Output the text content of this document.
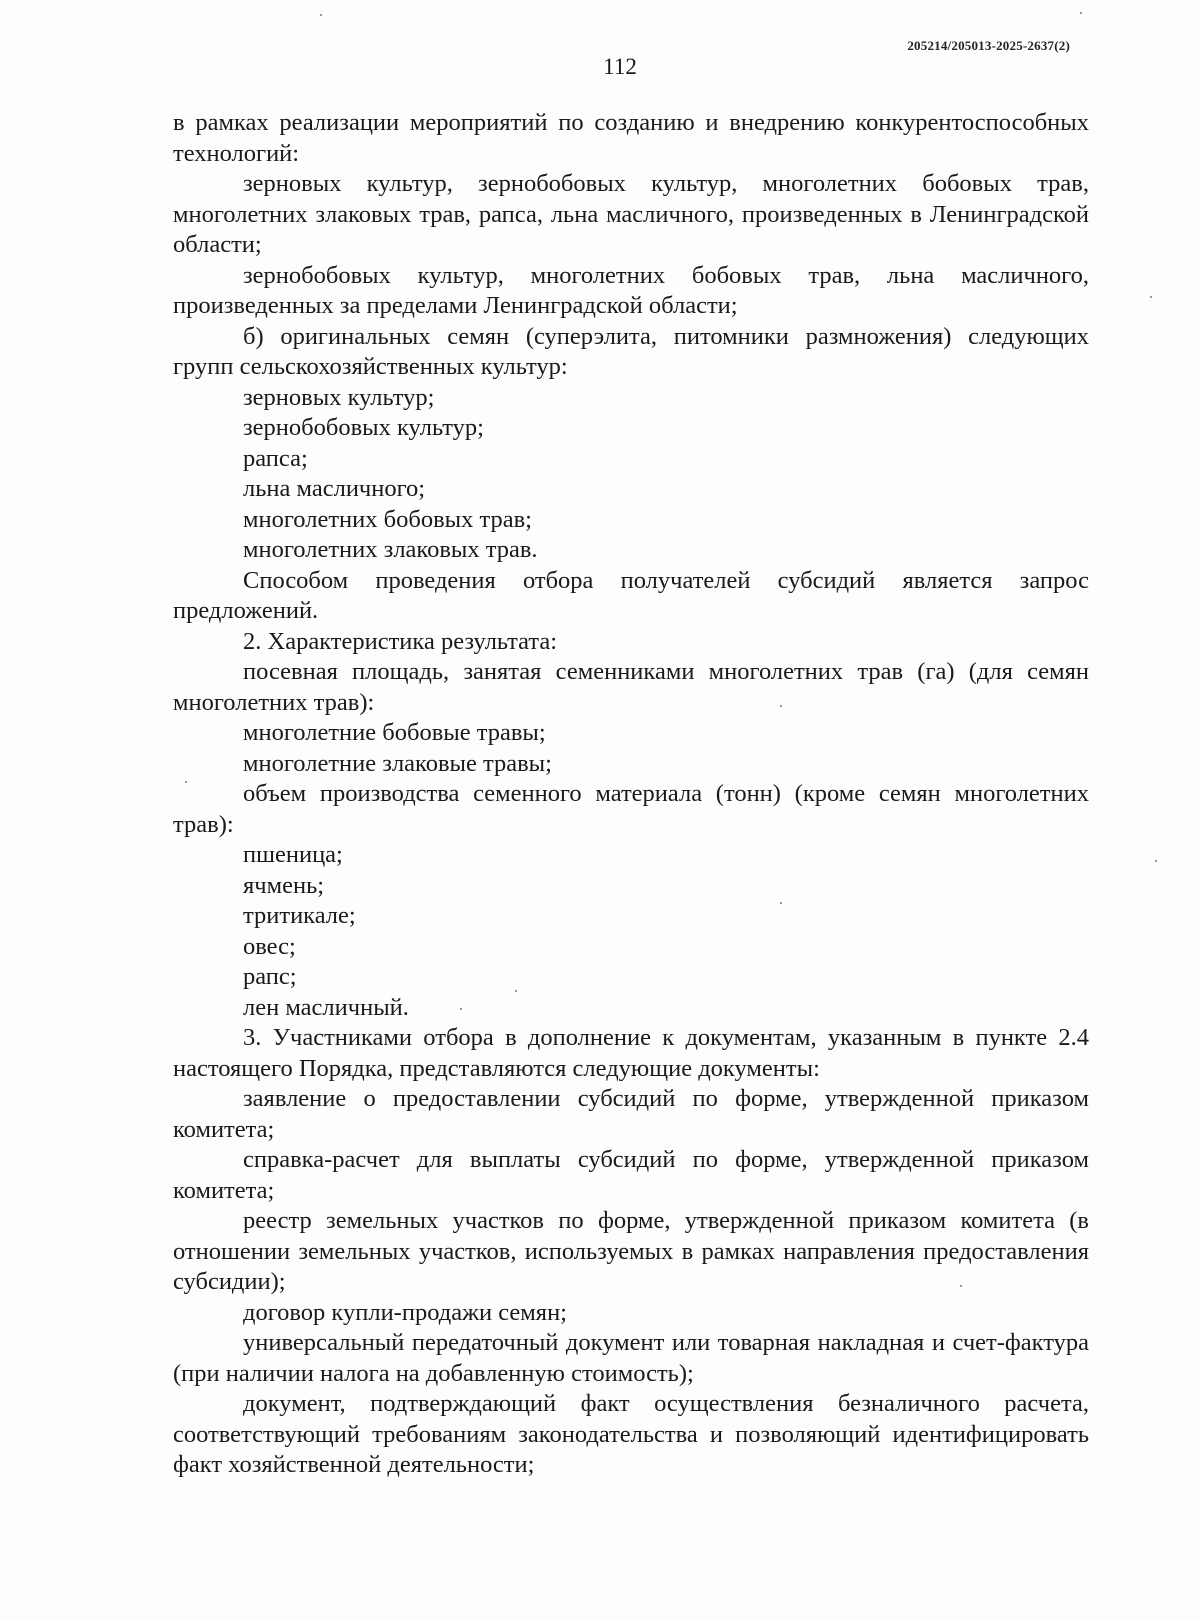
205214/205013-2025-2637(2)
112

в рамках реализации мероприятий по созданию и внедрению конкурентоспособных технологий:

зерновых культур, зернобобовых культур, многолетних бобовых трав, многолетних злаковых трав, рапса, льна масличного, произведенных в Ленинградской области;

зернобобовых культур, многолетних бобовых трав, льна масличного, произведенных за пределами Ленинградской области;

б) оригинальных семян (суперэлита, питомники размножения) следующих групп сельскохозяйственных культур:

зерновых культур;

зернобобовых культур;

рапса;

льна масличного;

многолетних бобовых трав;

многолетних злаковых трав.

Способом проведения отбора получателей субсидий является запрос предложений.

2. Характеристика результата:

посевная площадь, занятая семенниками многолетних трав (га) (для семян многолетних трав):

многолетние бобовые травы;

многолетние злаковые травы;

объем производства семенного материала (тонн) (кроме семян многолетних трав):

пшеница;

ячмень;

тритикале;

овес;

рапс;

лен масличный.

3. Участниками отбора в дополнение к документам, указанным в пункте 2.4 настоящего Порядка, представляются следующие документы:

заявление о предоставлении субсидий по форме, утвержденной приказом комитета;

справка-расчет для выплаты субсидий по форме, утвержденной приказом комитета;

реестр земельных участков по форме, утвержденной приказом комитета (в отношении земельных участков, используемых в рамках направления предоставления субсидии);

договор купли-продажи семян;

универсальный передаточный документ или товарная накладная и счет-фактура (при наличии налога на добавленную стоимость);

документ, подтверждающий факт осуществления безналичного расчета, соответствующий требованиям законодательства и позволяющий идентифицировать факт хозяйственной деятельности;
